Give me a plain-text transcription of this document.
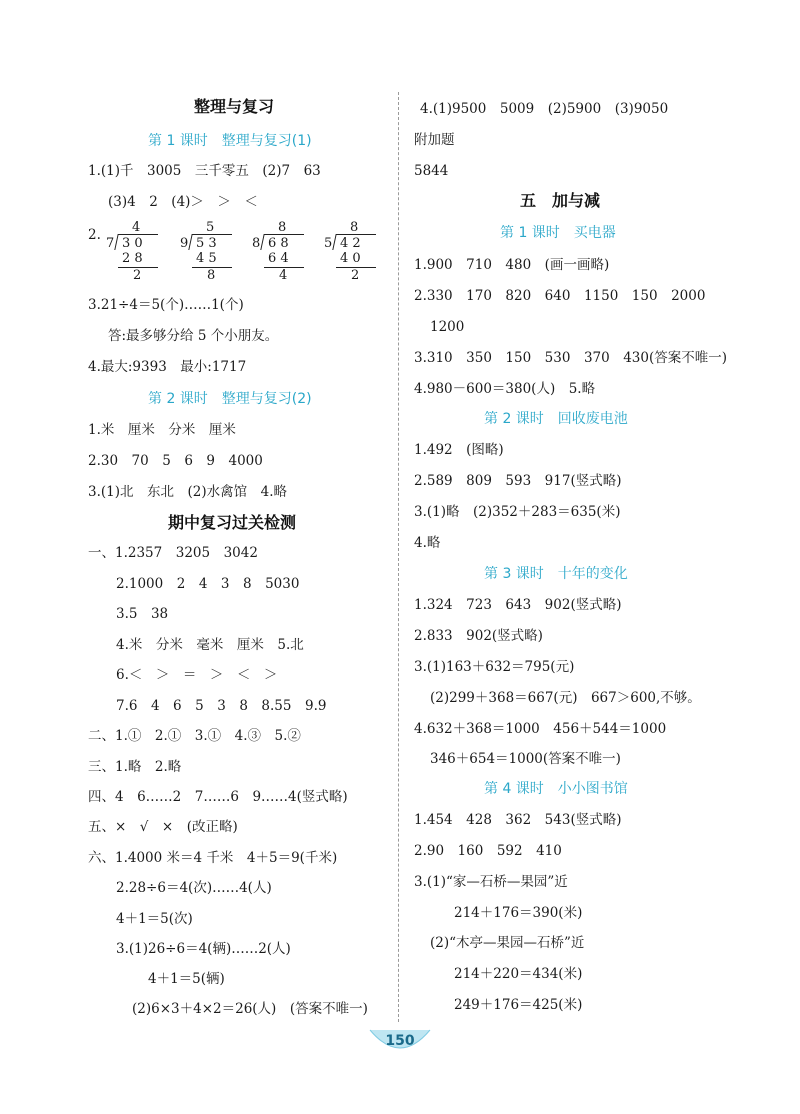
整理与复习
第 1 课时　整理与复习(1)
1.(1)千　3005　三千零五　(2)7　63
(3)4　2　(4)＞　＞　＜
2.
3.21÷4＝5(个)……1(个)
答:最多够分给 5 个小朋友。
4.最大:9393　最小:1717
第 2 课时　整理与复习(2)
1.米　厘米　分米　厘米
2.30　70　5　6　9　4000
3.(1)北　东北　(2)水禽馆　4.略
期中复习过关检测
一、1.2357　3205　3042
2.1000　2　4　3　8　5030
3.5　38
4.米　分米　毫米　厘米　5.北
6.＜　＞　＝　＞　＜　＞
7.6　4　6　5　3　8　8.55　9.9
二、1.①　2.①　3.①　4.③　5.②
三、1.略　2.略
四、4　6……2　7……6　9……4(竖式略)
五、×　√　×　(改正略)
六、1.4000 米＝4 千米　4＋5＝9(千米)
2.28÷6＝4(次)……4(人)
4＋1＝5(次)
3.(1)26÷6＝4(辆)……2(人)
4＋1＝5(辆)
(2)6×3＋4×2＝26(人)　(答案不唯一)
4
7 3 0
2 8
2
5
9 5 3
4 5
8
8
8 6 8
6 4
4
8
5 4 2
4 0
2
4.(1)9500　5009　(2)5900　(3)9050
附加题
5844
五　加与减
第 1 课时　买电器
1.900　710　480　(画一画略)
2.330　170　820　640　1150　150　2000
1200
3.310　350　150　530　370　430(答案不唯一)
4.980－600＝380(人)　5.略
第 2 课时　回收废电池
1.492　(图略)
2.589　809　593　917(竖式略)
3.(1)略　(2)352＋283＝635(米)
4.略
第 3 课时　十年的变化
1.324　723　643　902(竖式略)
2.833　902(竖式略)
3.(1)163＋632＝795(元)
(2)299＋368＝667(元)　667＞600,不够。
4.632＋368＝1000　456＋544＝1000
346＋654＝1000(答案不唯一)
第 4 课时　小小图书馆
1.454　428　362　543(竖式略)
2.90　160　592　410
3.(1)“家—石桥—果园”近
214＋176＝390(米)
(2)“木亭—果园—石桥”近
214＋220＝434(米)
249＋176＝425(米)
150
